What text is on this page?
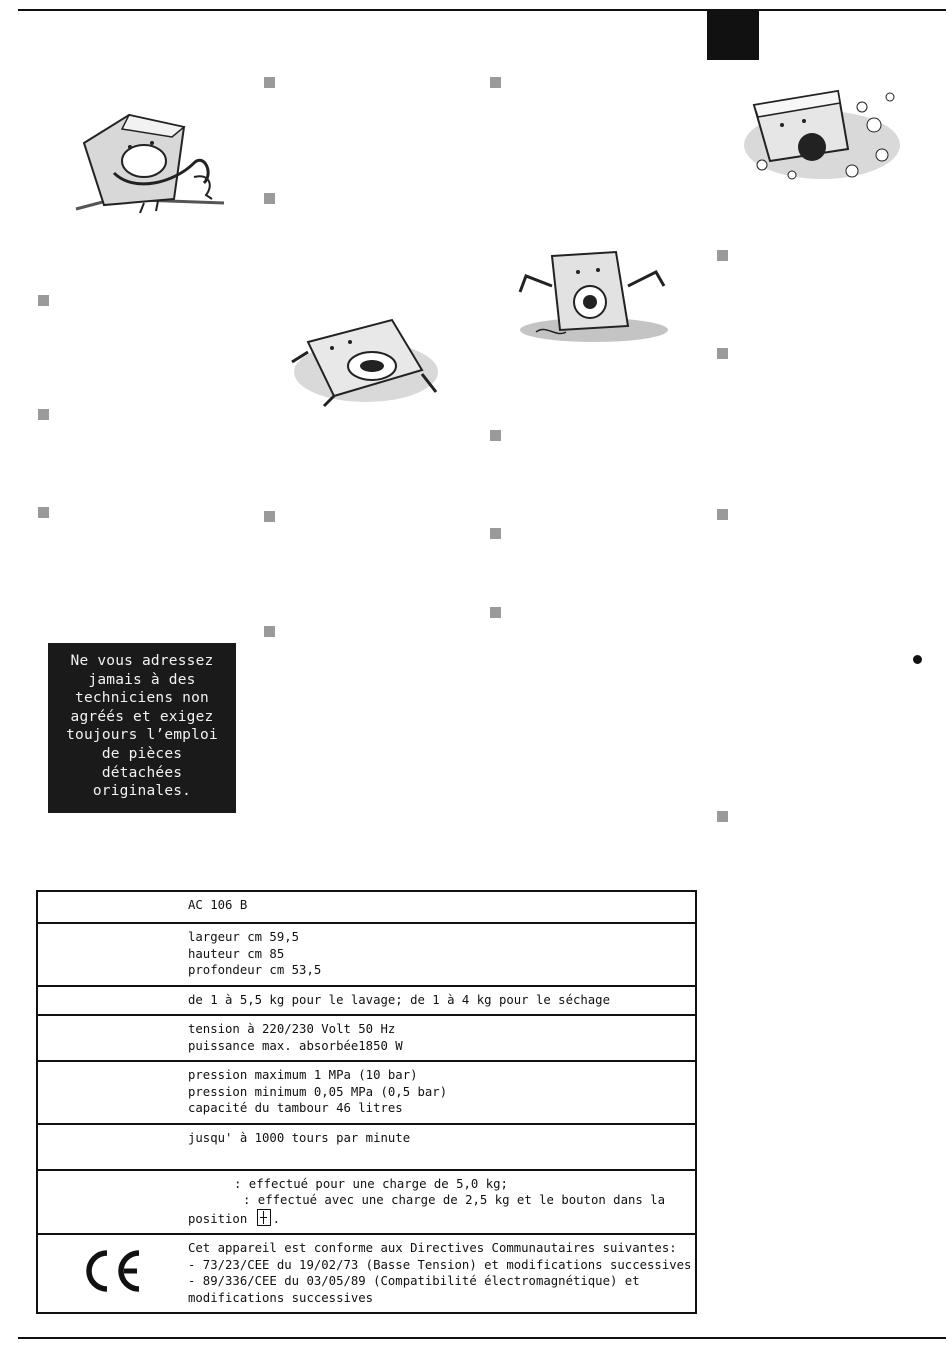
Ne vous adressez
jamais à des
techniciens non
agréés et exigez
toujours l’emploi
de pièces
détachées
originales.

	AC 106 B

	largeur cm 59,5
hauteur cm 85
profondeur cm 53,5

	de 1 à 5,5 kg pour le lavage; de 1 à 4 kg pour le séchage

	tension à 220/230 Volt 50 Hz
puissance max. absorbée1850 W

	pression maximum 1 MPa (10 bar)
pression minimum 0,05 MPa (0,5 bar)
capacité du tambour 46 litres

	jusqu' à 1000 tours par minute

	: effectué pour une charge de 5,0 kg;
: effectué avec une charge de 2,5 kg et le bouton dans la
position .

Cet appareil est conforme aux Directives Communautaires suivantes:
- 73/23/CEE du 19/02/73 (Basse Tension) et modifications successives
- 89/336/CEE du 03/05/89 (Compatibilité électromagnétique) et
modifications successives
